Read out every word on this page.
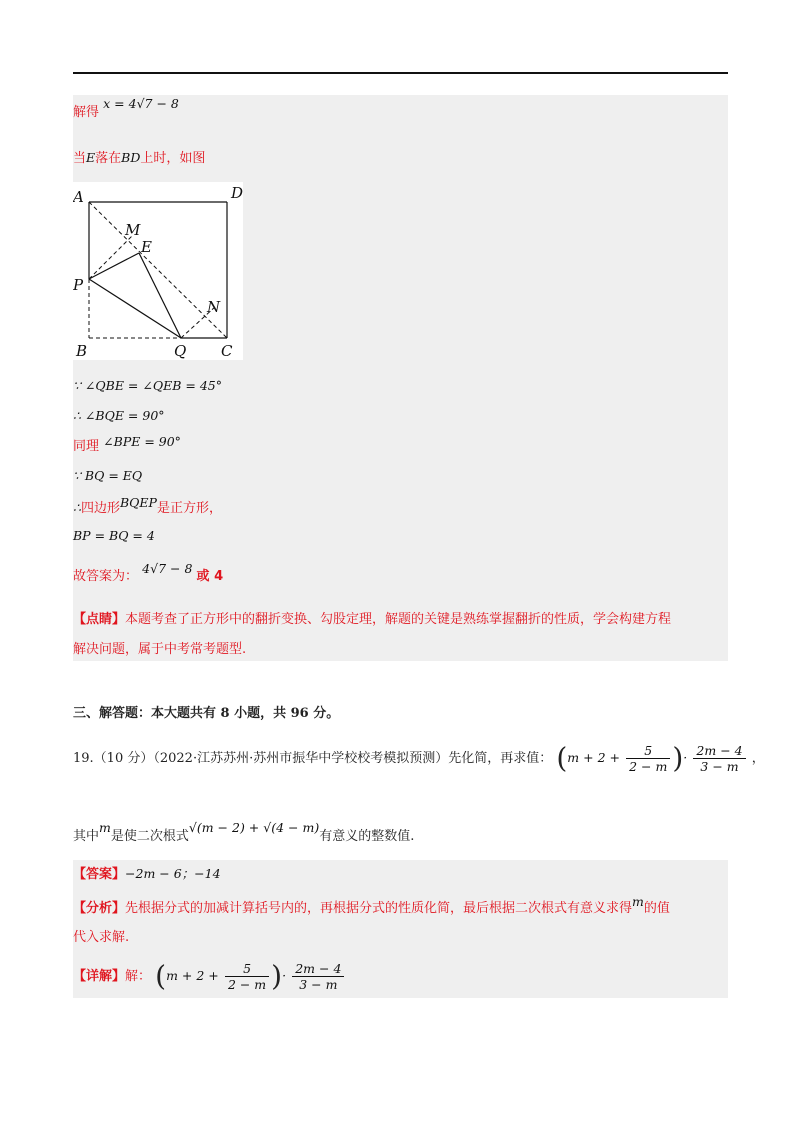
解得 x = 4√7 − 8
当E落在BD上时，如图
A	D
M
E
P
N
B	Q C
∵ ∠QBE = ∠QEB = 45°
∴ ∠BQE = 90°
同理 ∠BPE = 90°
∵ BQ = EQ
∴四边形BQEP是正方形，
BP = BQ = 4
故答案为： 4√7 − 8 或 4
【点睛】本题考查了正方形中的翻折变换、勾股定理，解题的关键是熟练掌握翻折的性质，学会构建方程
解决问题，属于中考常考题型.
三、解答题：本大题共有 8 小题，共 96 分。
19.（10 分）（2022·江苏苏州·苏州市振华中学校校考模拟预测）先化简，再求值： ($m + 2 + \frac{5}{2 - m}$ )· $\frac{2m - 4}{3 - m}$ ，
其中m是使二次根式√(m − 2) + √(4 − m)有意义的整数值.
【答案】−2m − 6；−14
【分析】先根据分式的加减计算括号内的，再根据分式的性质化简，最后根据二次根式有意义求得m的值
代入求解.
【详解】解： ($m + 2 + \frac{5}{2 - m}$ )· $\frac{2m - 4}{3 - m}$
